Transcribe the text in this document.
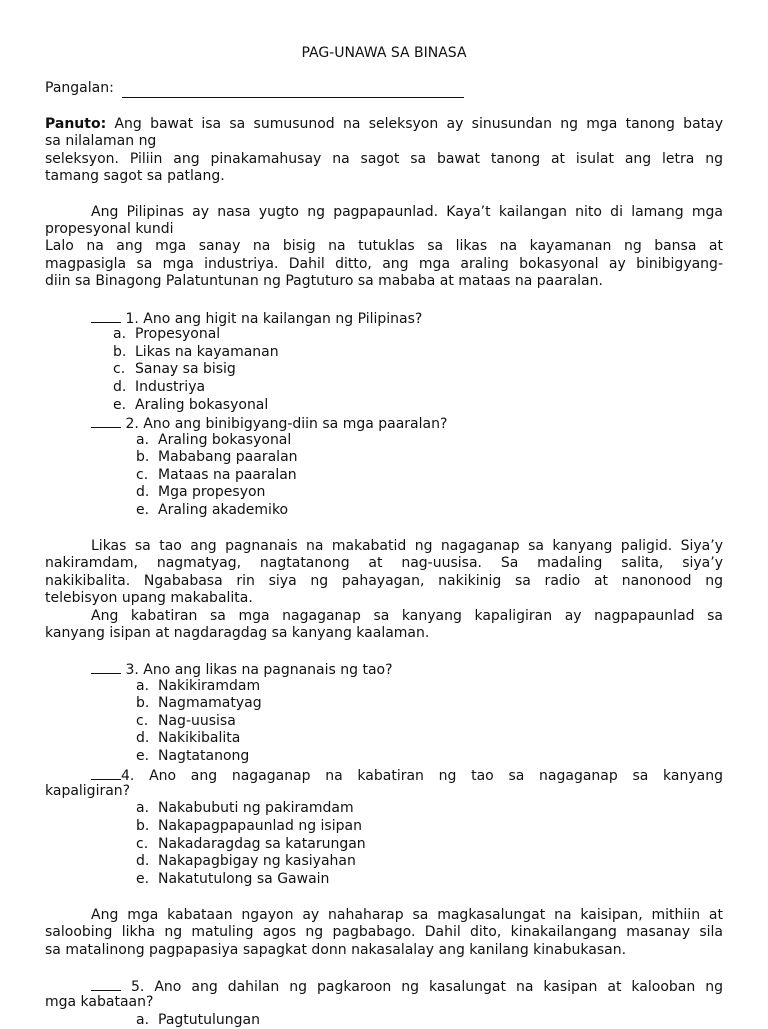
PAG-UNAWA SA BINASA
Pangalan:
Panuto: Ang bawat isa sa sumusunod na seleksyon ay sinusundan ng mga tanong batay
sa nilalaman ng
seleksyon. Piliin ang pinakamahusay na sagot sa bawat tanong at isulat ang letra ng
tamang sagot sa patlang.
Ang Pilipinas ay nasa yugto ng pagpapaunlad. Kaya’t kailangan nito di lamang mga
propesyonal kundi
Lalo na ang mga sanay na bisig na tutuklas sa likas na kayamanan ng bansa at
magpasigla sa mga industriya. Dahil ditto, ang mga araling bokasyonal ay binibigyang-
diin sa Binagong Palatuntunan ng Pagtuturo sa mababa at mataas na paaralan.
1. Ano ang higit na kailangan ng Pilipinas?
a. Propesyonal
b. Likas na kayamanan
c. Sanay sa bisig
d. Industriya
e. Araling bokasyonal
2. Ano ang binibigyang-diin sa mga paaralan?
a. Araling bokasyonal
b. Mababang paaralan
c. Mataas na paaralan
d. Mga propesyon
e. Araling akademiko
Likas sa tao ang pagnanais na makabatid ng nagaganap sa kanyang paligid. Siya’y
nakiramdam, nagmatyag, nagtatanong at nag-uusisa. Sa madaling salita, siya’y
nakikibalita. Ngababasa rin siya ng pahayagan, nakikinig sa radio at nanonood ng
telebisyon upang makabalita.
Ang kabatiran sa mga nagaganap sa kanyang kapaligiran ay nagpapaunlad sa
kanyang isipan at nagdaragdag sa kanyang kaalaman.
3. Ano ang likas na pagnanais ng tao?
a. Nakikiramdam
b. Nagmamatyag
c. Nag-uusisa
d. Nakikibalita
e. Nagtatanong
4. Ano ang nagaganap na kabatiran ng tao sa nagaganap sa kanyang
kapaligiran?
a. Nakabubuti ng pakiramdam
b. Nakapagpapaunlad ng isipan
c. Nakadaragdag sa katarungan
d. Nakapagbigay ng kasiyahan
e. Nakatutulong sa Gawain
Ang mga kabataan ngayon ay nahaharap sa magkasalungat na kaisipan, mithiin at
saloobing likha ng matuling agos ng pagbabago. Dahil dito, kinakailangang masanay sila
sa matalinong pagpapasiya sapagkat donn nakasalalay ang kanilang kinabukasan.
5. Ano ang dahilan ng pagkaroon ng kasalungat na kasipan at kalooban ng
mga kabataan?
a. Pagtutulungan
